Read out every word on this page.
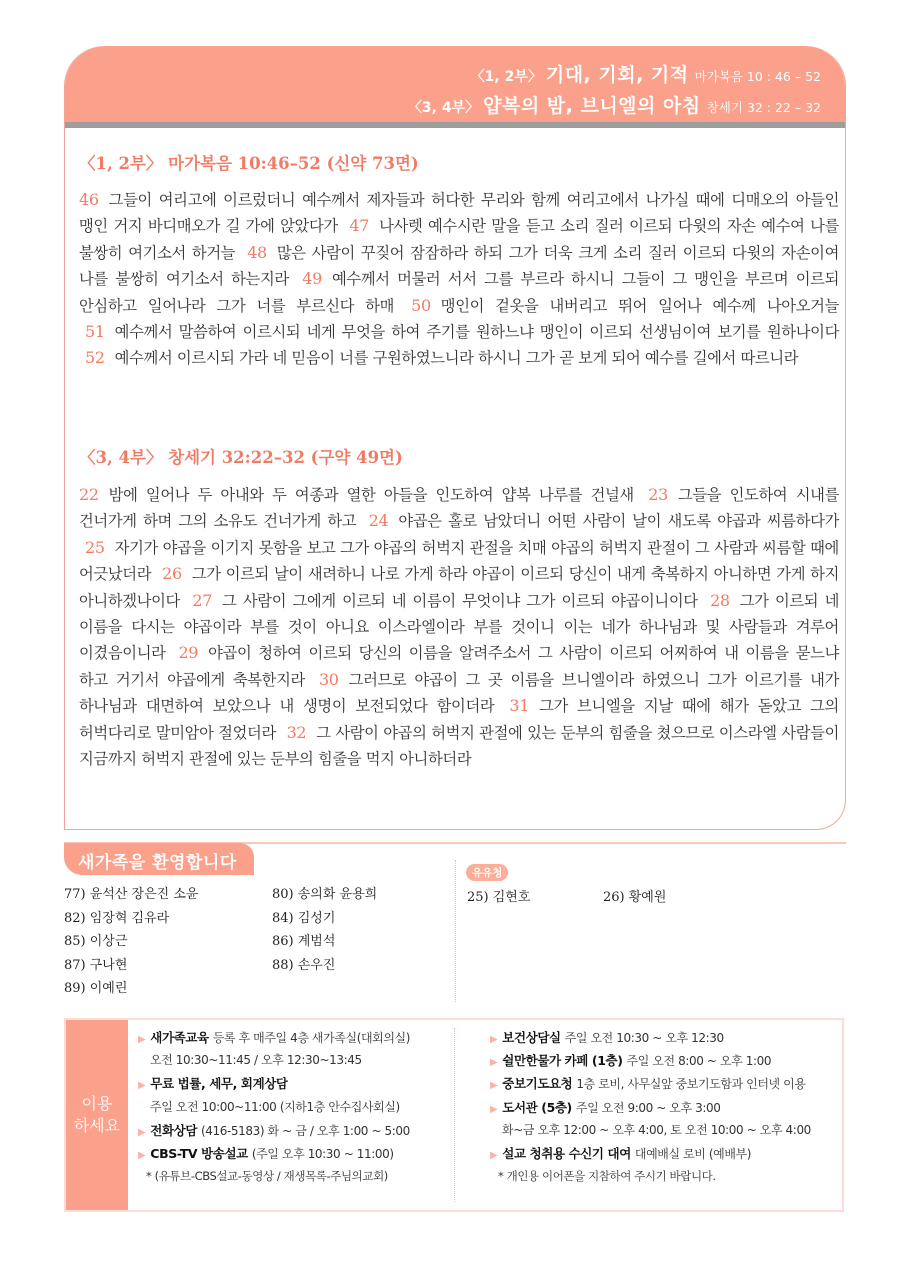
〈1, 2부〉 기대, 기회, 기적 마가복음 10 : 46 – 52
〈3, 4부〉 얍복의 밤, 브니엘의 아침 창세기 32 : 22 – 32
〈1, 2부〉 마가복음 10:46–52 (신약 73면)
46 그들이 여리고에 이르렀더니 예수께서 제자들과 허다한 무리와 함께 여리고에서 나가실 때에 디매오의 아들인 맹인 거지 바디매오가 길 가에 앉았다가 47 나사렛 예수시란 말을 듣고 소리 질러 이르되 다윗의 자손 예수여 나를 불쌍히 여기소서 하거늘 48 많은 사람이 꾸짖어 잠잠하라 하되 그가 더욱 크게 소리 질러 이르되 다윗의 자손이여 나를 불쌍히 여기소서 하는지라 49 예수께서 머물러 서서 그를 부르라 하시니 그들이 그 맹인을 부르며 이르되 안심하고 일어나라 그가 너를 부르신다 하매 50 맹인이 겉옷을 내버리고 뛰어 일어나 예수께 나아오거늘 51 예수께서 말씀하여 이르시되 네게 무엇을 하여 주기를 원하느냐 맹인이 이르되 선생님이여 보기를 원하나이다 52 예수께서 이르시되 가라 네 믿음이 너를 구원하였느니라 하시니 그가 곧 보게 되어 예수를 길에서 따르니라
〈3, 4부〉 창세기 32:22–32 (구약 49면)
22 밤에 일어나 두 아내와 두 여종과 열한 아들을 인도하여 얍복 나루를 건널새 23 그들을 인도하여 시내를 건너가게 하며 그의 소유도 건너가게 하고 24 야곱은 홀로 남았더니 어떤 사람이 날이 새도록 야곱과 씨름하다가 25 자기가 야곱을 이기지 못함을 보고 그가 야곱의 허벅지 관절을 치매 야곱의 허벅지 관절이 그 사람과 씨름할 때에 어긋났더라 26 그가 이르되 날이 새려하니 나로 가게 하라 야곱이 이르되 당신이 내게 축복하지 아니하면 가게 하지 아니하겠나이다 27 그 사람이 그에게 이르되 네 이름이 무엇이냐 그가 이르되 야곱이니이다 28 그가 이르되 네 이름을 다시는 야곱이라 부를 것이 아니요 이스라엘이라 부를 것이니 이는 네가 하나님과 및 사람들과 겨루어 이겼음이니라 29 야곱이 청하여 이르되 당신의 이름을 알려주소서 그 사람이 이르되 어찌하여 내 이름을 묻느냐 하고 거기서 야곱에게 축복한지라 30 그러므로 야곱이 그 곳 이름을 브니엘이라 하였으니 그가 이르기를 내가 하나님과 대면하여 보았으나 내 생명이 보전되었다 함이더라 31 그가 브니엘을 지날 때에 해가 돋았고 그의 허벅다리로 말미암아 절었더라 32 그 사람이 야곱의 허벅지 관절에 있는 둔부의 힘줄을 쳤으므로 이스라엘 사람들이 지금까지 허벅지 관절에 있는 둔부의 힘줄을 먹지 아니하더라
새가족을 환영합니다
77) 윤석산 장은진 소윤
82) 임장혁 김유라
85) 이상근
87) 구나현
89) 이예린
80) 송의화 윤용희
84) 김성기
86) 계범석
88) 손우진
유유청
25) 김현호	26) 황예원
이용
하세요
▶ 새가족교육 등록 후 매주일 4층 새가족실(대회의실)
오전 10:30~11:45 / 오후 12:30~13:45
▶ 무료 법률, 세무, 회계상담
주일 오전 10:00~11:00 (지하1층 안수집사회실)
▶ 전화상담 (416-5183) 화 ~ 금 / 오후 1:00 ~ 5:00
▶ CBS-TV 방송설교 (주일 오후 10:30 ~ 11:00)
* (유튜브-CBS설교-동영상 / 재생목록-주님의교회)
▶ 보건상담실 주일 오전 10:30 ~ 오후 12:30
▶ 쉴만한물가 카페 (1층) 주일 오전 8:00 ~ 오후 1:00
▶ 중보기도요청 1층 로비, 사무실앞 중보기도함과 인터넷 이용
▶ 도서관 (5층) 주일 오전 9:00 ~ 오후 3:00
화~금 오후 12:00 ~ 오후 4:00, 토 오전 10:00 ~ 오후 4:00
▶ 설교 청취용 수신기 대여 대예배실 로비 (예배부)
* 개인용 이어폰을 지참하여 주시기 바랍니다.
